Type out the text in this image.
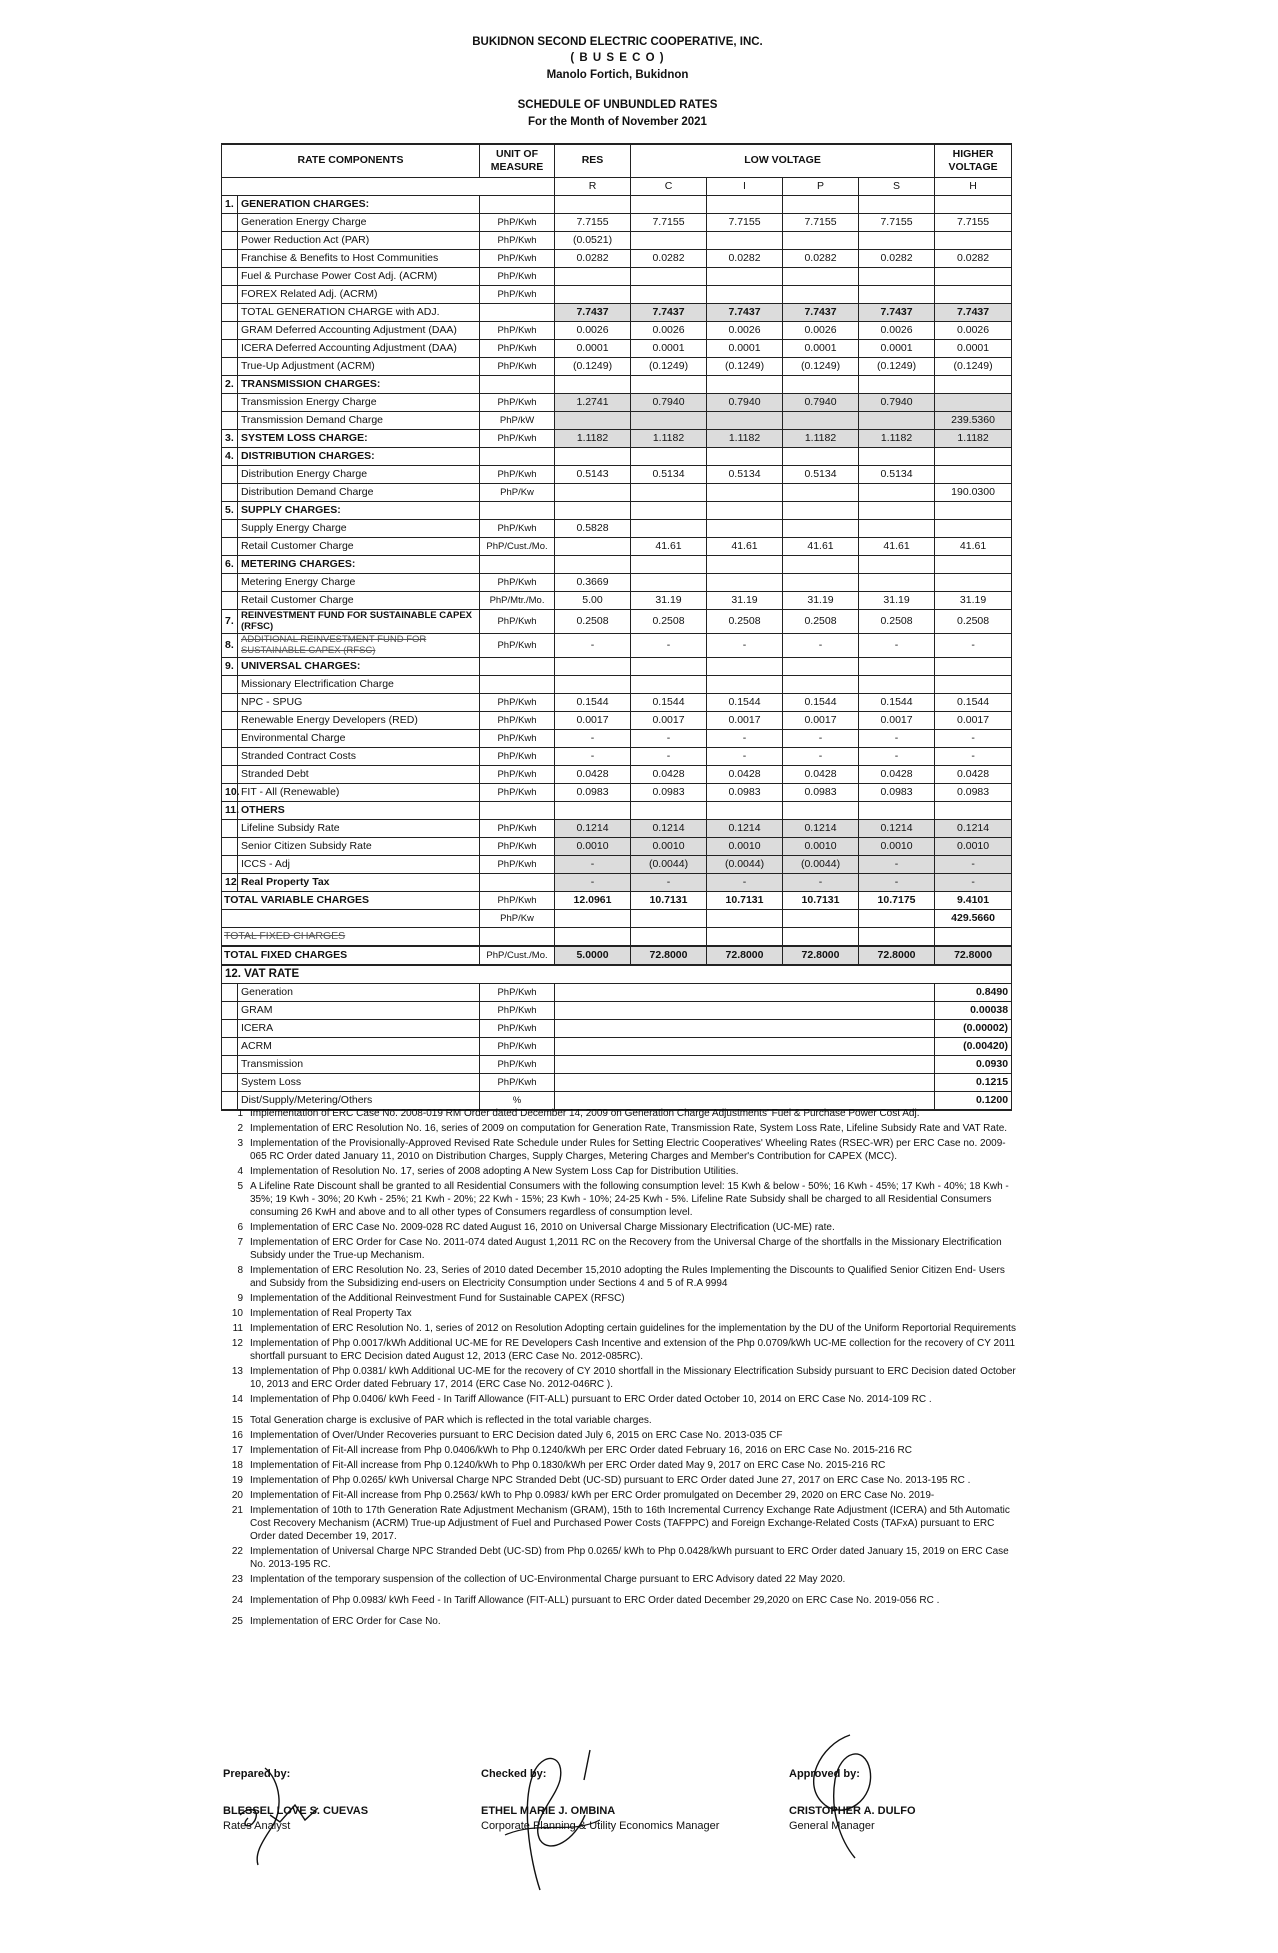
BUKIDNON SECOND ELECTRIC COOPERATIVE, INC.
( B U S E C O )
Manolo Fortich, Bukidnon
SCHEDULE OF UNBUNDLED RATES
For the Month of November 2021
RATE COMPONENTS		UNIT OF MEASURE	RES	LOW VOLTAGE				HIGHER VOLTAGE
			R	C	I	P	S	H
1.	GENERATION CHARGES:							
	Generation Energy Charge	PhP/Kwh	7.7155	7.7155	7.7155	7.7155	7.7155	7.7155
	Power Reduction Act (PAR)	PhP/Kwh	(0.0521)					
	Franchise & Benefits to Host Communities	PhP/Kwh	0.0282	0.0282	0.0282	0.0282	0.0282	0.0282
	Fuel & Purchase Power Cost Adj. (ACRM)	PhP/Kwh						
	FOREX Related Adj. (ACRM)	PhP/Kwh						
	TOTAL GENERATION CHARGE with ADJ.		7.7437	7.7437	7.7437	7.7437	7.7437	7.7437
	GRAM Deferred Accounting Adjustment (DAA)	PhP/Kwh	0.0026	0.0026	0.0026	0.0026	0.0026	0.0026
	ICERA Deferred Accounting Adjustment (DAA)	PhP/Kwh	0.0001	0.0001	0.0001	0.0001	0.0001	0.0001
	True-Up Adjustment (ACRM)	PhP/Kwh	(0.1249)	(0.1249)	(0.1249)	(0.1249)	(0.1249)	(0.1249)
2.	TRANSMISSION CHARGES:							
	Transmission Energy Charge	PhP/Kwh	1.2741	0.7940	0.7940	0.7940	0.7940	
	Transmission Demand Charge	PhP/kW						239.5360
3.	SYSTEM LOSS CHARGE:	PhP/Kwh	1.1182	1.1182	1.1182	1.1182	1.1182	1.1182
4.	DISTRIBUTION CHARGES:							
	Distribution Energy Charge	PhP/Kwh	0.5143	0.5134	0.5134	0.5134	0.5134	
	Distribution Demand Charge	PhP/Kw						190.0300
5.	SUPPLY CHARGES:							
	Supply Energy Charge	PhP/Kwh	0.5828					
	Retail Customer Charge	PhP/Cust./Mo.		41.61	41.61	41.61	41.61	41.61
6.	METERING CHARGES:							
	Metering Energy Charge	PhP/Kwh	0.3669					
	Retail Customer Charge	PhP/Mtr./Mo.	5.00	31.19	31.19	31.19	31.19	31.19
7.	REINVESTMENT FUND FOR SUSTAINABLE CAPEX (RFSC)	PhP/Kwh	0.2508	0.2508	0.2508	0.2508	0.2508	0.2508
8.	ADDITIONAL REINVESTMENT FUND FOR SUSTAINABLE CAPEX (RFSC)	PhP/Kwh	-	-	-	-	-	-
9.	UNIVERSAL CHARGES:							
	Missionary Electrification Charge							
	NPC - SPUG	PhP/Kwh	0.1544	0.1544	0.1544	0.1544	0.1544	0.1544
	Renewable Energy Developers (RED)	PhP/Kwh	0.0017	0.0017	0.0017	0.0017	0.0017	0.0017
	Environmental Charge	PhP/Kwh	-	-	-	-	-	-
	Stranded Contract Costs	PhP/Kwh	-	-	-	-	-	-
	Stranded Debt	PhP/Kwh	0.0428	0.0428	0.0428	0.0428	0.0428	0.0428
10.	FIT - All (Renewable)	PhP/Kwh	0.0983	0.0983	0.0983	0.0983	0.0983	0.0983
11.	OTHERS							
	Lifeline Subsidy Rate	PhP/Kwh	0.1214	0.1214	0.1214	0.1214	0.1214	0.1214
	Senior Citizen Subsidy Rate	PhP/Kwh	0.0010	0.0010	0.0010	0.0010	0.0010	0.0010
	ICCS - Adj	PhP/Kwh	-	(0.0044)	(0.0044)	(0.0044)	-	-
12	Real Property Tax		-	-	-	-	-	-
TOTAL VARIABLE CHARGES		PhP/Kwh	12.0961	10.7131	10.7131	10.7131	10.7175	9.4101
		PhP/Kw						429.5660
TOTAL FIXED CHARGES								
TOTAL FIXED CHARGES		PhP/Cust./Mo.	5.0000	72.8000	72.8000	72.8000	72.8000	72.8000
12. VAT RATE								
	Generation	PhP/Kwh						0.8490
	GRAM	PhP/Kwh						0.00038
	ICERA	PhP/Kwh						(0.00002)
	ACRM	PhP/Kwh						(0.00420)
	Transmission	PhP/Kwh						0.0930
	System Loss	PhP/Kwh						0.1215
	Dist/Supply/Metering/Others	%						0.1200
1 Implementation of ERC Case No. 2008-019 RM Order dated December 14, 2009 on Generation Charge Adjustments' Fuel & Purchase Power Cost Adj.
2 Implementation of ERC Resolution No. 16, series of 2009 on computation for Generation Rate, Transmission Rate, System Loss Rate, Lifeline Subsidy Rate and VAT Rate.
3 Implementation of the Provisionally-Approved Revised Rate Schedule under Rules for Setting Electric Cooperatives' Wheeling Rates (RSEC-WR) per ERC Case no. 2009-065 RC Order dated January 11, 2010 on Distribution Charges, Supply Charges, Metering Charges and Member's Contribution for CAPEX (MCC).
4 Implementation of Resolution No. 17, series of 2008 adopting A New System Loss Cap for Distribution Utilities.
5 A Lifeline Rate Discount shall be granted to all Residential Consumers with the following consumption level: 15 Kwh & below - 50%; 16 Kwh - 45%; 17 Kwh - 40%; 18 Kwh - 35%; 19 Kwh - 30%; 20 Kwh - 25%; 21 Kwh - 20%; 22 Kwh - 15%; 23 Kwh - 10%; 24-25 Kwh - 5%. Lifeline Rate Subsidy shall be charged to all Residential Consumers consuming 26 KwH and above and to all other types of Consumers regardless of consumption level.
6 Implementation of ERC Case No. 2009-028 RC dated August 16, 2010 on Universal Charge Missionary Electrification (UC-ME) rate.
7 Implementation of ERC Order for Case No. 2011-074 dated August 1,2011 RC on the Recovery from the Universal Charge of the shortfalls in the Missionary Electrification Subsidy under the True-up Mechanism.
8 Implementation of ERC Resolution No. 23, Series of 2010 dated December 15,2010 adopting the Rules Implementing the Discounts to Qualified Senior Citizen End- Users and Subsidy from the Subsidizing end-users on Electricity Consumption under Sections 4 and 5 of R.A 9994
9 Implementation of the Additional Reinvestment Fund for Sustainable CAPEX (RFSC)
10 Implementation of Real Property Tax
11 Implementation of ERC Resolution No. 1, series of 2012 on Resolution Adopting certain guidelines for the implementation by the DU of the Uniform Reportorial Requirements
12 Implementation of Php 0.0017/kWh Additional UC-ME for RE Developers Cash Incentive and extension of the Php 0.0709/kWh UC-ME collection for the recovery of CY 2011 shortfall pursuant to ERC Decision dated August 12, 2013 (ERC Case No. 2012-085RC).
13 Implementation of Php 0.0381/ kWh Additional UC-ME for the recovery of CY 2010 shortfall in the Missionary Electrification Subsidy pursuant to ERC Decision dated October 10, 2013 and ERC Order dated February 17, 2014 (ERC Case No. 2012-046RC ).
14 Implementation of Php 0.0406/ kWh Feed - In Tariff Allowance (FIT-ALL) pursuant to ERC Order dated October 10, 2014 on ERC Case No. 2014-109 RC .
15 Total Generation charge is exclusive of PAR which is reflected in the total variable charges.
16 Implementation of Over/Under Recoveries pursuant to ERC Decision dated July 6, 2015 on ERC Case No. 2013-035 CF
17 Implementation of Fit-All increase from Php 0.0406/kWh to Php 0.1240/kWh per ERC Order dated February 16, 2016 on ERC Case No. 2015-216 RC
18 Implementation of Fit-All increase from Php 0.1240/kWh to Php 0.1830/kWh per ERC Order dated May 9, 2017 on ERC Case No. 2015-216 RC
19 Implementation of Php 0.0265/ kWh Universal Charge NPC Stranded Debt (UC-SD) pursuant to ERC Order dated June 27, 2017 on ERC Case No. 2013-195 RC .
20 Implementation of Fit-All increase from Php 0.2563/ kWh to Php 0.0983/ kWh per ERC Order promulgated on December 29, 2020 on ERC Case No. 2019-
21 Implementation of 10th to 17th Generation Rate Adjustment Mechanism (GRAM), 15th to 16th Incremental Currency Exchange Rate Adjustment (ICERA) and 5th Automatic Cost Recovery Mechanism (ACRM) True-up Adjustment of Fuel and Purchased Power Costs (TAFPPC) and Foreign Exchange-Related Costs (TAFxA) pursuant to ERC Order dated December 19, 2017.
22 Implementation of Universal Charge NPC Stranded Debt (UC-SD) from Php 0.0265/ kWh to Php 0.0428/kWh pursuant to ERC Order dated January 15, 2019 on ERC Case No. 2013-195 RC.
23 Implentation of the temporary suspension of the collection of UC-Environmental Charge pursuant to ERC Advisory dated 22 May 2020.
24 Implementation of Php 0.0983/ kWh Feed - In Tariff Allowance (FIT-ALL) pursuant to ERC Order dated December 29,2020 on ERC Case No. 2019-056 RC .
25 Implementation of ERC Order for Case No.
Prepared by:
BLESSEL LOVE S. CUEVAS
Rates Analyst
Checked by:
ETHEL MARIE J. OMBINA
Corporate Planning & Utility Economics Manager
Approved by:
CRISTOPHER A. DULFO
General Manager
